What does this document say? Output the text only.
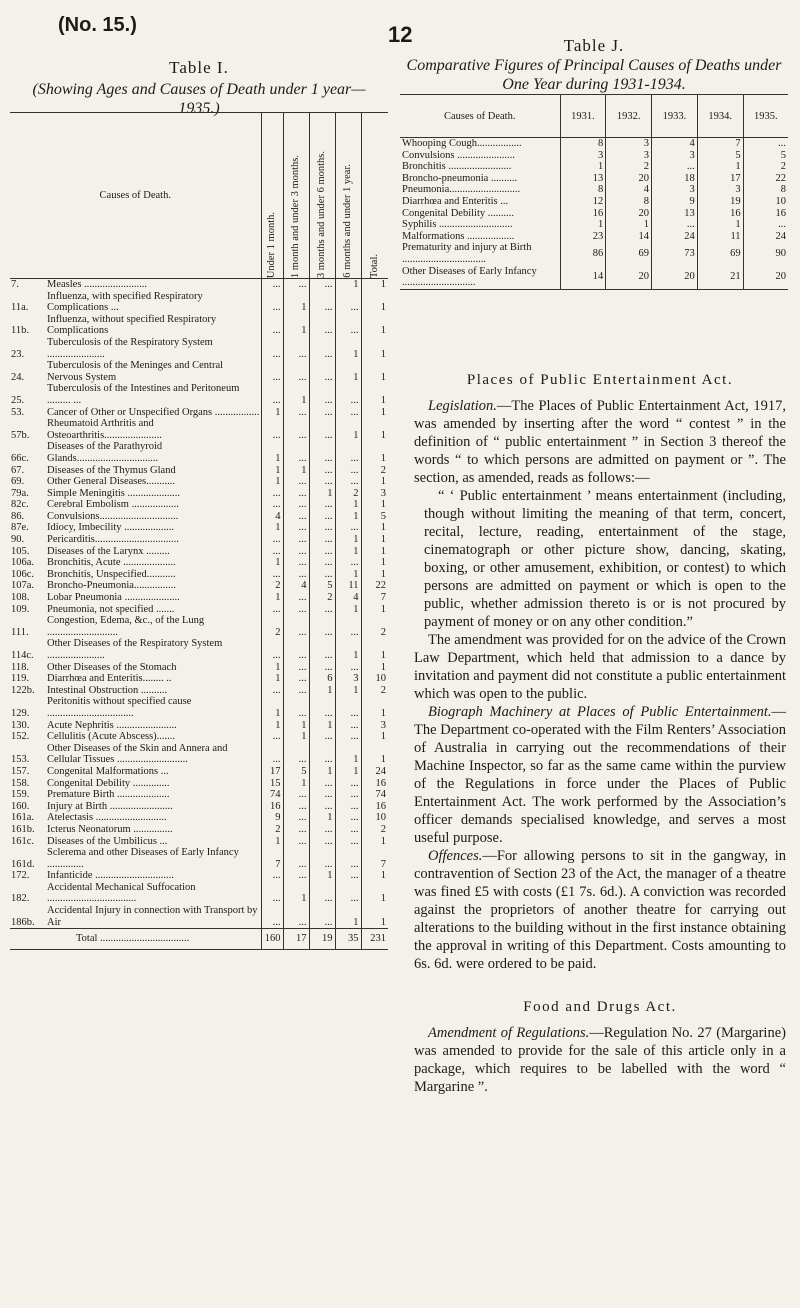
(No. 15.)	12
Table I.
(Showing Ages and Causes of Death under 1 year—1935.)
Causes of Death.		Under 1 month.	1 month and under 3 months.	3 months and under 6 months.	6 months and under 1 year.	Total.

7.	Measles ........................	...	...	...	1	1
11a.	Influenza, with specified Respiratory Complications ...	...	1	...	...	1
11b.	Influenza, without specified Respiratory Complications	...	1	...	...	1
23.	Tuberculosis of the Respiratory System ......................	...	...	...	1	1
24.	Tuberculosis of the Meninges and Central Nervous System	...	...	...	1	1
25.	Tuberculosis of the Intestines and Peritoneum ......... ...	...	1	...	...	1
53.	Cancer of Other or Unspecified Organs .................	1	...	...	...	1
57b.	Rheumatoid Arthritis and Osteoarthritis......................	...	...	...	1	1
66c.	Diseases of the Parathyroid Glands...............................	1	...	...	...	1
67.	Diseases of the Thymus Gland	1	1	...	...	2
69.	Other General Diseases...........	1	...	...	...	1
79a.	Simple Meningitis ....................	...	...	1	2	3
82c.	Cerebral Embolism ..................	...	...	...	1	1
86.	Convulsions..............................	4	...	...	1	5
87e.	Idiocy, Imbecility ...................	1	...	...	...	1
90.	Pericarditis................................	...	...	...	1	1
105.	Diseases of the Larynx .........	...	...	...	1	1
106a.	Bronchitis, Acute ....................	1	...	...	...	1
106c.	Bronchitis, Unspecified...........	...	...	...	1	1
107a.	Broncho-Pneumonia................	2	4	5	11	22
108.	Lobar Pneumonia .....................	1	...	2	4	7
109.	Pneumonia, not specified .......	...	...	...	1	1
111.	Congestion, Edema, &c., of the Lung ...........................	2	...	...	...	2
114c.	Other Diseases of the Respiratory System ......................	...	...	...	1	1
118.	Other Diseases of the Stomach	1	...	...	...	1
119.	Diarrhœa and Enteritis........ ..	1	...	6	3	10
122b.	Intestinal Obstruction ..........	...	...	1	1	2
129.	Peritonitis without specified cause .................................	1	...	...	...	1
130.	Acute Nephritis .......................	1	1	1	...	3
152.	Cellulitis (Acute Abscess).......	...	1	...	...	1
153.	Other Diseases of the Skin and Annera and Cellular Tissues ...........................	...	...	...	1	1
157.	Congenital Malformations ...	17	5	1	1	24
158.	Congenital Debility ..............	15	1	...	...	16
159.	Premature Birth ....................	74	...	...	...	74
160.	Injury at Birth ........................	16	...	...	...	16
161a.	Atelectasis ...........................	9	...	1	...	10
161b.	Icterus Neonatorum ...............	2	...	...	...	2
161c.	Diseases of the Umbilicus ...	1	...	...	...	1
161d.	Sclerema and other Diseases of Early Infancy ..............	7	...	...	...	7
172.	Infanticide ..............................	...	...	1	...	1
182.	Accidental Mechanical Suffocation ..................................	...	1	...	...	1
186b.	Accidental Injury in connection with Transport by Air	...	...	...	1	1
	Total ..................................	160	17	19	35	231
Table J.
Comparative Figures of Principal Causes of Deaths under One Year during 1931-1934.
Causes of Death.	1931.	1932.	1933.	1934.	1935.
Whooping Cough.................	8	3	4	7	...
Convulsions ......................	3	3	3	5	5
Bronchitis ........................	1	2	...	1	2
Broncho-pneumonia ..........	13	20	18	17	22
Pneumonia...........................	8	4	3	3	8
Diarrhœa and Enteritis ...	12	8	9	19	10
Congenital Debility ..........	16	20	13	16	16
Syphilis ............................	1	1	...	1	...
Malformations ..................	23	14	24	11	24
Prematurity and injury at Birth ................................	86	69	73	69	90
Other Diseases of Early Infancy ............................	14	20	20	21	20
Places of Public Entertainment Act.

Legislation.—The Places of Public Entertainment Act, 1917, was amended by inserting after the word “ contest ” in the definition of “ public entertainment ” in Section 3 thereof the words “ to which persons are admitted on payment or ”. The section, as amended, reads as follows:—

“ ‘ Public entertainment ’ means entertainment (including, though without limiting the meaning of that term, concert, recital, lecture, reading, entertainment of the stage, cinematograph or other picture show, dancing, skating, boxing, or other amusement, exhibition, or contest) to which persons are admitted on payment or which is open to the public, whether admission thereto is or is not procured by payment of money or on any other condition.”

The amendment was provided for on the advice of the Crown Law Department, which held that admission to a dance by invitation and payment did not constitute a public entertainment which was open to the public.

Biograph Machinery at Places of Public Entertainment.—The Department co-operated with the Film Renters’ Association of Australia in carrying out the recommendations of their Machine Inspector, so far as the same came within the purview of the Regulations in force under the Places of Public Entertainment Act. The work performed by the Association’s officer demands specialised knowledge, and serves a most useful purpose.

Offences.—For allowing persons to sit in the gangway, in contravention of Section 23 of the Act, the manager of a theatre was fined £5 with costs (£1 7s. 6d.). A conviction was recorded against the proprietors of another theatre for carrying out alterations to the building without in the first instance obtaining the approval in writing of this Department. Costs amounting to 6s. 6d. were ordered to be paid.

Food and Drugs Act.

Amendment of Regulations.—Regulation No. 27 (Margarine) was amended to provide for the sale of this article only in a package, which requires to be labelled with the word “ Margarine ”.
